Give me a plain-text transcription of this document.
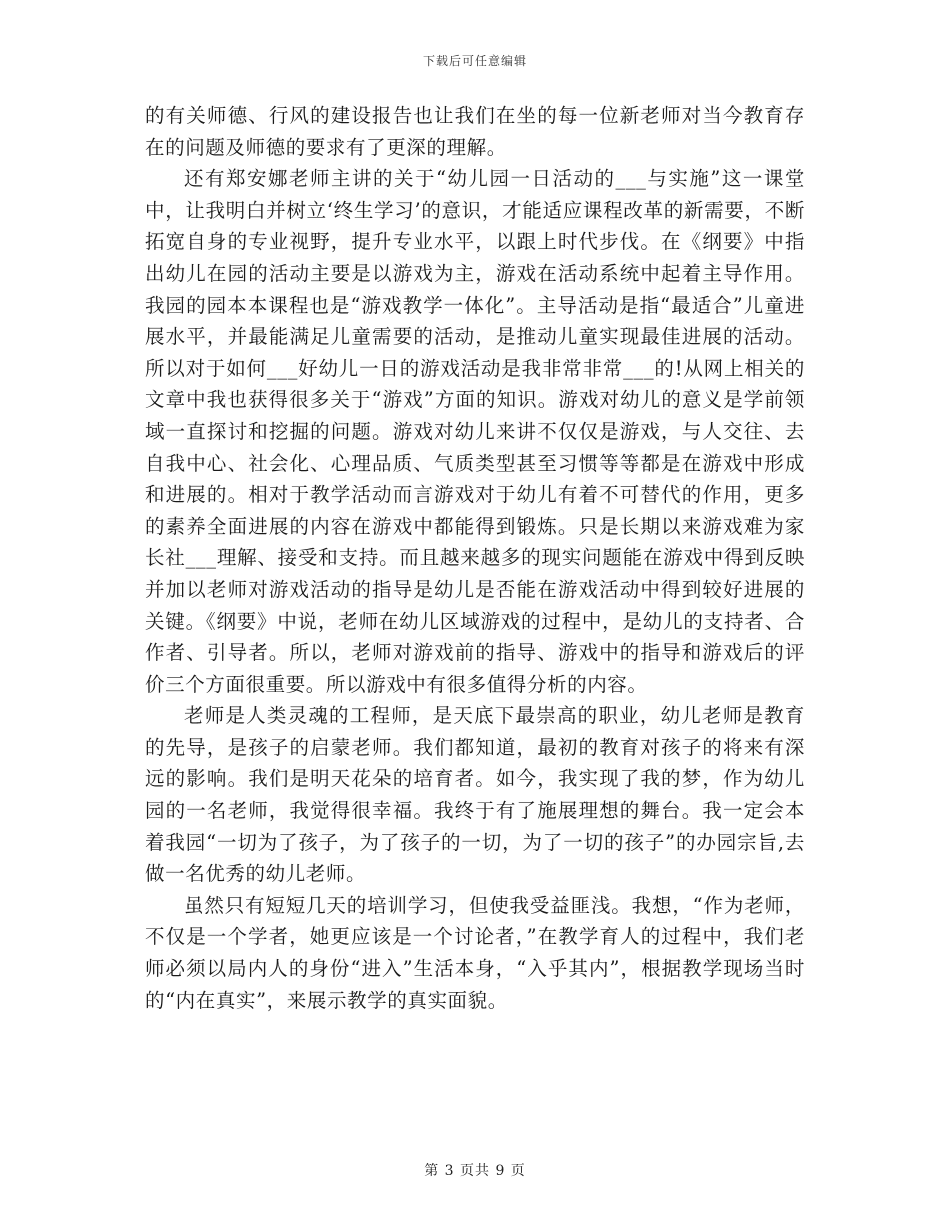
下载后可任意编辑

的有关师德、行风的建设报告也让我们在坐的每一位新老师对当今教育存在的问题及师德的要求有了更深的理解。

还有郑安娜老师主讲的关于“幼儿园一日活动的___与实施”这一课堂中，让我明白并树立‘终生学习’的意识，才能适应课程改革的新需要，不断拓宽自身的专业视野，提升专业水平，以跟上时代步伐。在《纲要》中指出幼儿在园的活动主要是以游戏为主，游戏在活动系统中起着主导作用。我园的园本本课程也是“游戏教学一体化”。主导活动是指“最适合”儿童进展水平，并最能满足儿童需要的活动，是推动儿童实现最佳进展的活动。所以对于如何___好幼儿一日的游戏活动是我非常非常___的!从网上相关的文章中我也获得很多关于“游戏”方面的知识。游戏对幼儿的意义是学前领域一直探讨和挖掘的问题。游戏对幼儿来讲不仅仅是游戏，与人交往、去自我中心、社会化、心理品质、气质类型甚至习惯等等都是在游戏中形成和进展的。相对于教学活动而言游戏对于幼儿有着不可替代的作用，更多的素养全面进展的内容在游戏中都能得到锻炼。只是长期以来游戏难为家长社___理解、接受和支持。而且越来越多的现实问题能在游戏中得到反映并加以老师对游戏活动的指导是幼儿是否能在游戏活动中得到较好进展的关键。《纲要》中说，老师在幼儿区域游戏的过程中，是幼儿的支持者、合作者、引导者。所以，老师对游戏前的指导、游戏中的指导和游戏后的评价三个方面很重要。所以游戏中有很多值得分析的内容。

老师是人类灵魂的工程师，是天底下最崇高的职业，幼儿老师是教育的先导，是孩子的启蒙老师。我们都知道，最初的教育对孩子的将来有深远的影响。我们是明天花朵的培育者。如今，我实现了我的梦，作为幼儿园的一名老师，我觉得很幸福。我终于有了施展理想的舞台。我一定会本着我园“一切为了孩子，为了孩子的一切，为了一切的孩子”的办园宗旨,去做一名优秀的幼儿老师。

虽然只有短短几天的培训学习，但使我受益匪浅。我想，“作为老师，不仅是一个学者，她更应该是一个讨论者，”在教学育人的过程中，我们老师必须以局内人的身份“进入”生活本身，“入乎其内”，根据教学现场当时的“内在真实”，来展示教学的真实面貌。

第 3 页共 9 页
